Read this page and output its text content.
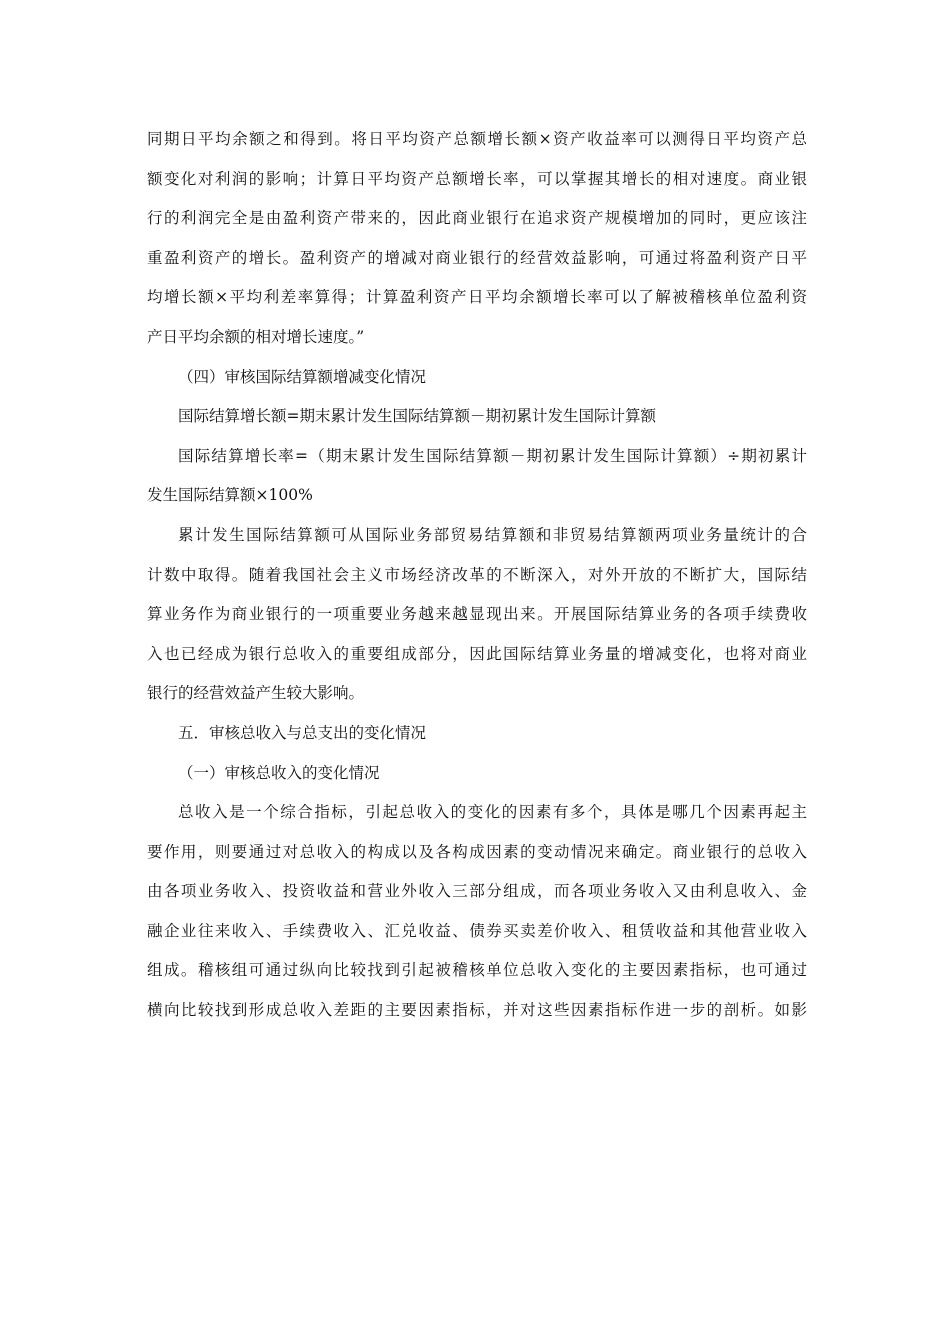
同期日平均余额之和得到。将日平均资产总额增长额×资产收益率可以测得日平均资产总
额变化对利润的影响；计算日平均资产总额增长率，可以掌握其增长的相对速度。商业银
行的利润完全是由盈利资产带来的，因此商业银行在追求资产规模增加的同时，更应该注
重盈利资产的增长。盈利资产的增减对商业银行的经营效益影响，可通过将盈利资产日平
均增长额×平均利差率算得；计算盈利资产日平均余额增长率可以了解被稽核单位盈利资
产日平均余额的相对增长速度。”
（四）审核国际结算额增减变化情况
国际结算增长额=期末累计发生国际结算额－期初累计发生国际计算额
国际结算增长率=（期末累计发生国际结算额－期初累计发生国际计算额）÷期初累计
发生国际结算额×100%
累计发生国际结算额可从国际业务部贸易结算额和非贸易结算额两项业务量统计的合
计数中取得。随着我国社会主义市场经济改革的不断深入，对外开放的不断扩大，国际结
算业务作为商业银行的一项重要业务越来越显现出来。开展国际结算业务的各项手续费收
入也已经成为银行总收入的重要组成部分，因此国际结算业务量的增减变化，也将对商业
银行的经营效益产生较大影响。
五．审核总收入与总支出的变化情况
（一）审核总收入的变化情况
总收入是一个综合指标，引起总收入的变化的因素有多个，具体是哪几个因素再起主
要作用，则要通过对总收入的构成以及各构成因素的变动情况来确定。商业银行的总收入
由各项业务收入、投资收益和营业外收入三部分组成，而各项业务收入又由利息收入、金
融企业往来收入、手续费收入、汇兑收益、债券买卖差价收入、租赁收益和其他营业收入
组成。稽核组可通过纵向比较找到引起被稽核单位总收入变化的主要因素指标，也可通过
横向比较找到形成总收入差距的主要因素指标，并对这些因素指标作进一步的剖析。如影
